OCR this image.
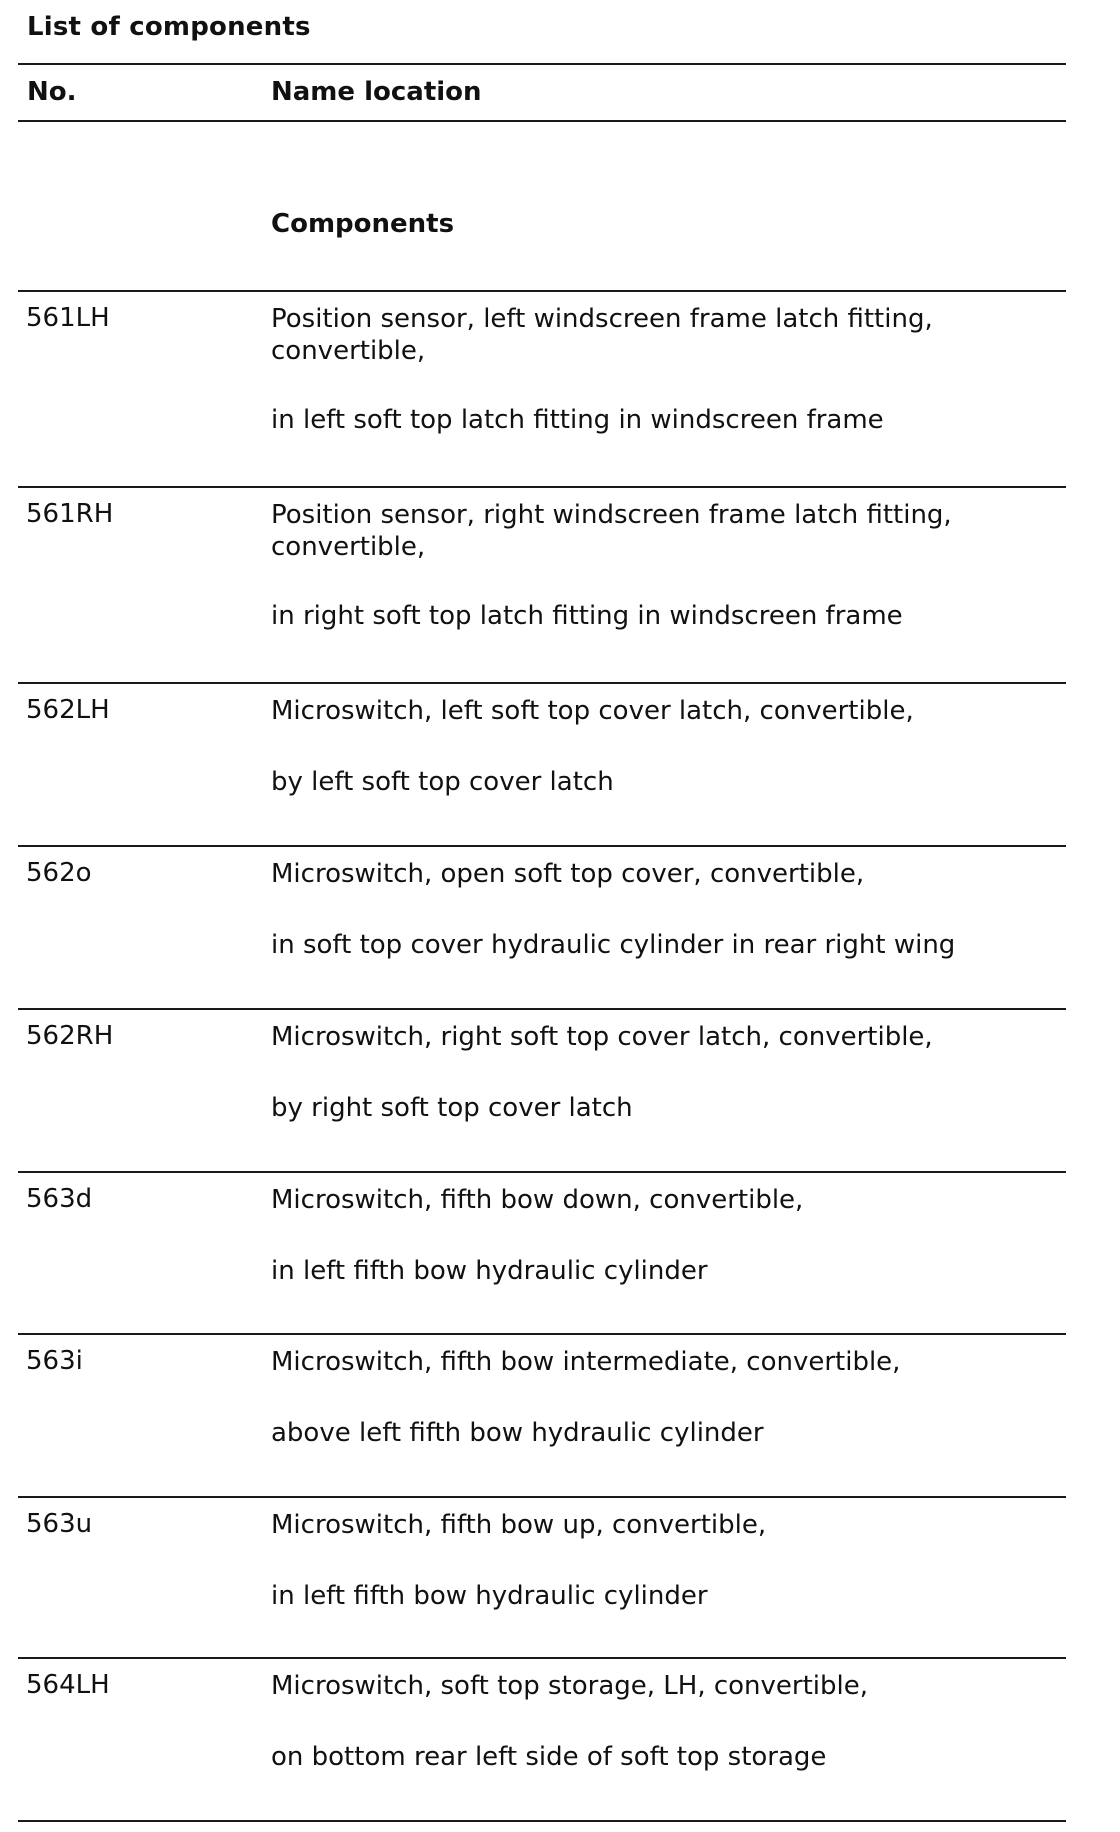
List of components
No.	Name location
Components
561LH	Position sensor, left windscreen frame latch fitting, convertible,
in left soft top latch fitting in windscreen frame
561RH	Position sensor, right windscreen frame latch fitting, convertible,
in right soft top latch fitting in windscreen frame
562LH	Microswitch, left soft top cover latch, convertible,
by left soft top cover latch
562o	Microswitch, open soft top cover, convertible,
in soft top cover hydraulic cylinder in rear right wing
562RH	Microswitch, right soft top cover latch, convertible,
by right soft top cover latch
563d	Microswitch, fifth bow down, convertible,
in left fifth bow hydraulic cylinder
563i	Microswitch, fifth bow intermediate, convertible,
above left fifth bow hydraulic cylinder
563u	Microswitch, fifth bow up, convertible,
in left fifth bow hydraulic cylinder
564LH	Microswitch, soft top storage, LH, convertible,
on bottom rear left side of soft top storage
